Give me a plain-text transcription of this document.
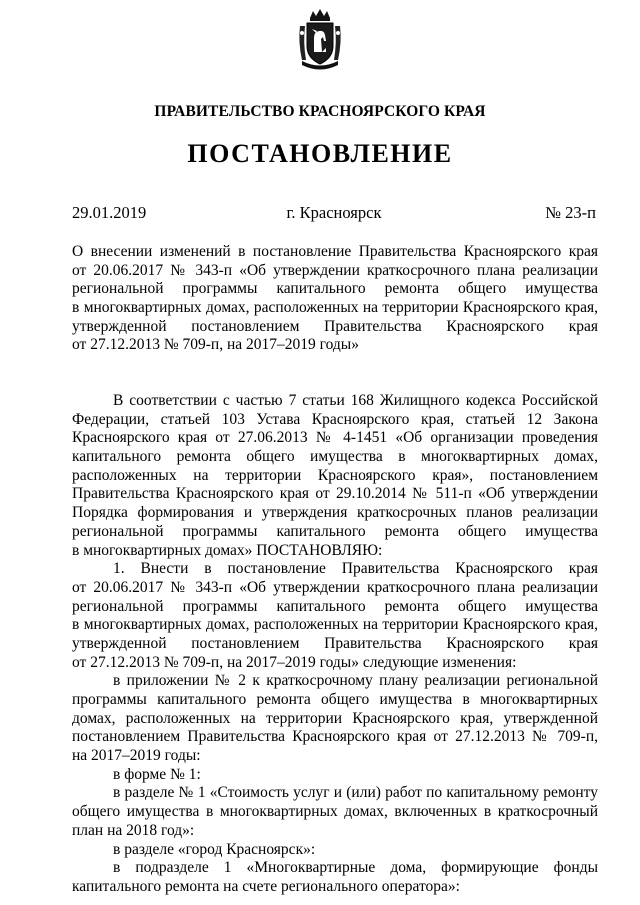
ПРАВИТЕЛЬСТВО КРАСНОЯРСКОГО КРАЯ
ПОСТАНОВЛЕНИЕ
29.01.2019	г. Красноярск	№ 23-п
О внесении изменений в постановление Правительства Красноярского края
от 20.06.2017 № 343-п «Об утверждении краткосрочного плана реализации
региональной программы капитального ремонта общего имущества
в многоквартирных домах, расположенных на территории Красноярского края,
утвержденной постановлением Правительства Красноярского края
от 27.12.2013 № 709-п, на 2017–2019 годы»
В соответствии с частью 7 статьи 168 Жилищного кодекса Российской
Федерации, статьей 103 Устава Красноярского края, статьей 12 Закона
Красноярского края от 27.06.2013 № 4-1451 «Об организации проведения
капитального ремонта общего имущества в многоквартирных домах,
расположенных на территории Красноярского края», постановлением
Правительства Красноярского края от 29.10.2014 № 511-п «Об утверждении
Порядка формирования и утверждения краткосрочных планов реализации
региональной программы капитального ремонта общего имущества
в многоквартирных домах» ПОСТАНОВЛЯЮ:
1. Внести в постановление Правительства Красноярского края
от 20.06.2017 № 343-п «Об утверждении краткосрочного плана реализации
региональной программы капитального ремонта общего имущества
в многоквартирных домах, расположенных на территории Красноярского края,
утвержденной постановлением Правительства Красноярского края
от 27.12.2013 № 709-п, на 2017–2019 годы» следующие изменения:
в приложении № 2 к краткосрочному плану реализации региональной
программы капитального ремонта общего имущества в многоквартирных
домах, расположенных на территории Красноярского края, утвержденной
постановлением Правительства Красноярского края от 27.12.2013 № 709-п,
на 2017–2019 годы:
в форме № 1:
в разделе № 1 «Стоимость услуг и (или) работ по капитальному ремонту
общего имущества в многоквартирных домах, включенных в краткосрочный
план на 2018 год»:
в разделе «город Красноярск»:
в подразделе 1 «Многоквартирные дома, формирующие фонды
капитального ремонта на счете регионального оператора»:
